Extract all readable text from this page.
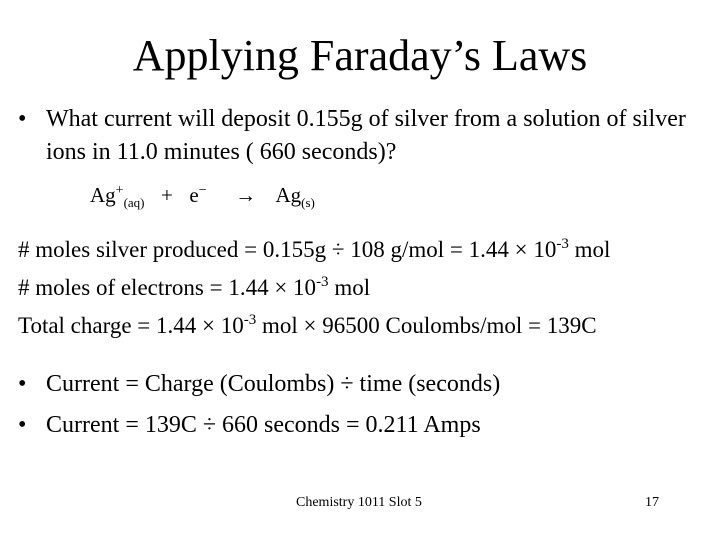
Applying Faraday’s Laws
• What current will deposit 0.155g of silver from a solution of silver ions in 11.0 minutes ( 660 seconds)?
$Ag^+_{(aq)} + e^- \to Ag_{(s)}$
# moles silver produced = 0.155g ÷ 108 $g/mol = 1.44 \times 10^{-3}$ mol
# moles of electrons = $1.44 \times 10^{-3}$ mol
Total charge = $1.44 \times 10^{-3}$ mol × 96500 Coulombs/mol = 139C
• Current = Charge (Coulombs) ÷ time (seconds)
• Current = 139C ÷ 660 seconds = 0.211 Amps
Chemistry 1011 Slot 5	17
